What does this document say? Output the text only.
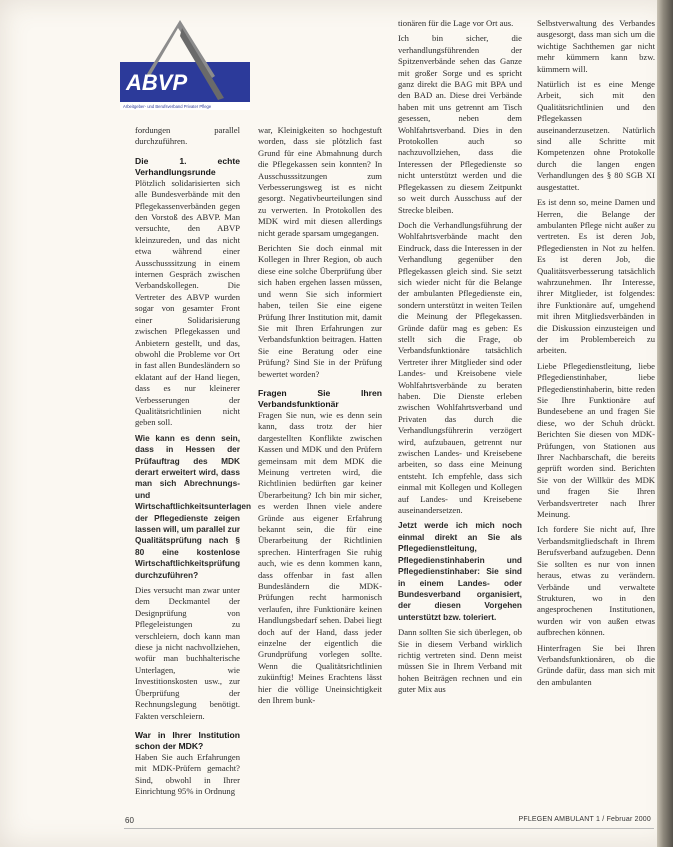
ABVP
Arbeitgeber- und Berufsverband Privater Pflege

fordungen parallel durchzuführen.

Die 1. echte Verhandlungsrunde

Plötzlich solidarisierten sich alle Bundesverbände mit den Pflegekassenverbänden gegen den Vorstoß des ABVP. Man versuchte, den ABVP kleinzureden, und das nicht etwa während einer Ausschusssitzung in einem internen Gespräch zwischen Verbandskollegen. Die Vertreter des ABVP wurden sogar von gesamter Front einer Solidarisierung zwischen Pflegekassen und Anbietern gestellt, und das, obwohl die Probleme vor Ort in fast allen Bundesländern so eklatant auf der Hand liegen, dass es nur kleinerer Verbesserungen der Qualitätsrichtlinien nicht geben soll.

Wie kann es denn sein, dass in Hessen der Prüfauftrag des MDK derart erweitert wird, dass man sich Abrechnungs- und Wirtschaftlichkeitsunterlagen der Pflegedienste zeigen lassen will, um parallel zur Qualitätsprüfung nach § 80 eine kostenlose Wirtschaftlichkeitsprüfung durchzuführen?

Dies versucht man zwar unter dem Deckmantel der Designprüfung von Pflegeleistungen zu verschleiern, doch kann man diese ja nicht nachvollziehen, wofür man buchhalterische Unterlagen, wie Investitionskosten usw., zur Überprüfung der Rechnungslegung benötigt. Fakten verschleiern.

War in Ihrer Institution schon der MDK?

Haben Sie auch Erfahrungen mit MDK-Prüfern gemacht? Sind, obwohl in Ihrer Einrichtung 95% in Ordnung

war, Kleinigkeiten so hochgestuft worden, dass sie plötzlich fast Grund für eine Abmahnung durch die Pflegekassen sein konnten? In Ausschusssitzungen zum Verbesserungsweg ist es nicht gesorgt. Negativbeurteilungen sind zu verwerten. In Protokollen des MDK wird mit diesen allerdings nicht gerade sparsam umgegangen.

Berichten Sie doch einmal mit Kollegen in Ihrer Region, ob auch diese eine solche Überprüfung über sich haben ergehen lassen müssen, und wenn Sie sich informiert haben, teilen Sie eine eigene Prüfung Ihrer Institution mit, damit Sie mit Ihren Erfahrungen zur Verbandsfunktion beitragen. Hatten Sie eine Beratung oder eine Prüfung? Sind Sie in der Prüfung bewertet worden?

Fragen Sie Ihren Verbandsfunktionär

Fragen Sie nun, wie es denn sein kann, dass trotz der hier dargestellten Konflikte zwischen Kassen und MDK und den Prüfern gemeinsam mit dem MDK die Meinung vertreten wird, die Richtlinien bedürften gar keiner Überarbeitung? Ich bin mir sicher, es werden Ihnen viele andere Gründe aus eigener Erfahrung bekannt sein, die für eine Überarbeitung der Richtlinien sprechen. Hinterfragen Sie ruhig auch, wie es denn kommen kann, dass offenbar in fast allen Bundesländern die MDK-Prüfungen recht harmonisch verlaufen, ihre Funktionäre keinen Handlungsbedarf sehen. Dabei liegt doch auf der Hand, dass jeder einzelne der eigentlich die Grundprüfung vorlegen sollte. Wenn die Qualitätsrichtlinien zukünftig! Meines Erachtens lässt hier die völlige Uneinsichtigkeit den Ihrem bunk-

tionären für die Lage vor Ort aus.

Ich bin sicher, die verhandlungsführenden der Spitzenverbände sehen das Ganze mit großer Sorge und es spricht ganz direkt die BAG mit BPA und den BAD an. Diese drei Verbände haben mit uns getrennt am Tisch gesessen, neben dem Wohlfahrtsverband. Dies in den Protokollen auch so nachzuvollziehen, dass die Interessen der Pflegedienste so nicht unterstützt werden und die Pflegekassen zu diesem Zeitpunkt so weit durch Ausschuss auf der Strecke bleiben.

Doch die Verhandlungsführung der Wohlfahrtsverbände macht den Eindruck, dass die Interessen in der Verhandlung gegenüber den Pflegekassen gleich sind. Sie setzt sich wieder nicht für die Belange der ambulanten Pflegedienste ein, sondern unterstützt in weiten Teilen die Meinung der Pflegekassen. Gründe dafür mag es geben: Es stellt sich die Frage, ob Verbandsfunktionäre tatsächlich Vertreter ihrer Mitglieder sind oder Landes- und Kreisobene viele Wohlfahrtsverbände zu beraten haben. Die Dienste erleben zwischen Wohlfahrtsverband und Privaten das durch die Verhandlungsführerin verzögert wird, aufzubauen, getrennt nur zwischen Landes- und Kreisebene arbeiten, so dass eine Meinung entsteht. Ich empfehle, dass sich einmal mit Kollegen und Kollegen auf Landes- und Kreisebene auseinandersetzen.

Jetzt werde ich mich noch einmal direkt an Sie als Pflegedienstleitung, Pflegedienstinhaberin und Pflegedienstinhaber: Sie sind in einem Landes- oder Bundesverband organisiert, der diesen Vorgehen unterstützt bzw. toleriert.

Dann sollten Sie sich überlegen, ob Sie in diesem Verband wirklich richtig vertreten sind. Denn meist müssen Sie in Ihrem Verband mit hohen Beiträgen rechnen und ein guter Mix aus

Selbstverwaltung des Verbandes ausgesorgt, dass man sich um die wichtige Sachthemen gar nicht mehr kümmern kann bzw. kümmern will.

Natürlich ist es eine Menge Arbeit, sich mit den Qualitätsrichtlinien und den Pflegekassen auseinanderzusetzen. Natürlich sind alle Schritte mit Kompetenzen ohne Protokolle durch die langen engen Verhandlungen des § 80 SGB XI ausgestattet.

Es ist denn so, meine Damen und Herren, die Belange der ambulanten Pflege nicht außer zu vertreten. Es ist deren Job, Pflegediensten in Not zu helfen. Es ist deren Job, die Qualitätsverbesserung tatsächlich wahrzunehmen. Ihr Interesse, ihrer Mitglieder, ist folgendes: ihre Funktionäre auf, umgehend mit ihren Mitgliedsverbänden in die Diskussion einzusteigen und der im Problembereich zu arbeiten.

Liebe Pflegedienstleitung, liebe Pflegedienstinhaber, liebe Pflegedienstinhaberin, bitte reden Sie Ihre Funktionäre auf Bundesebene an und fragen Sie diese, wo der Schuh drückt. Berichten Sie diesen von MDK-Prüfungen, von Stationen aus Ihrer Nachbarschaft, die bereits geprüft worden sind. Berichten Sie von der Willkür des MDK und fragen Sie Ihren Verbandsvertreter nach Ihrer Meinung.

Ich fordere Sie nicht auf, Ihre Verbandsmitgliedschaft in Ihrem Berufsverband aufzugeben. Denn Sie sollten es nur von innen heraus, etwas zu verändern. Verbände und verwaltete Strukturen, wo in den angesprochenen Institutionen, wurden wir von außen etwas aufbrechen können.

Hinterfragen Sie bei Ihren Verbandsfunktionären, ob die Gründe dafür, dass man sich mit den ambulanten

60	PFLEGEN AMBULANT 1 / Februar 2000
